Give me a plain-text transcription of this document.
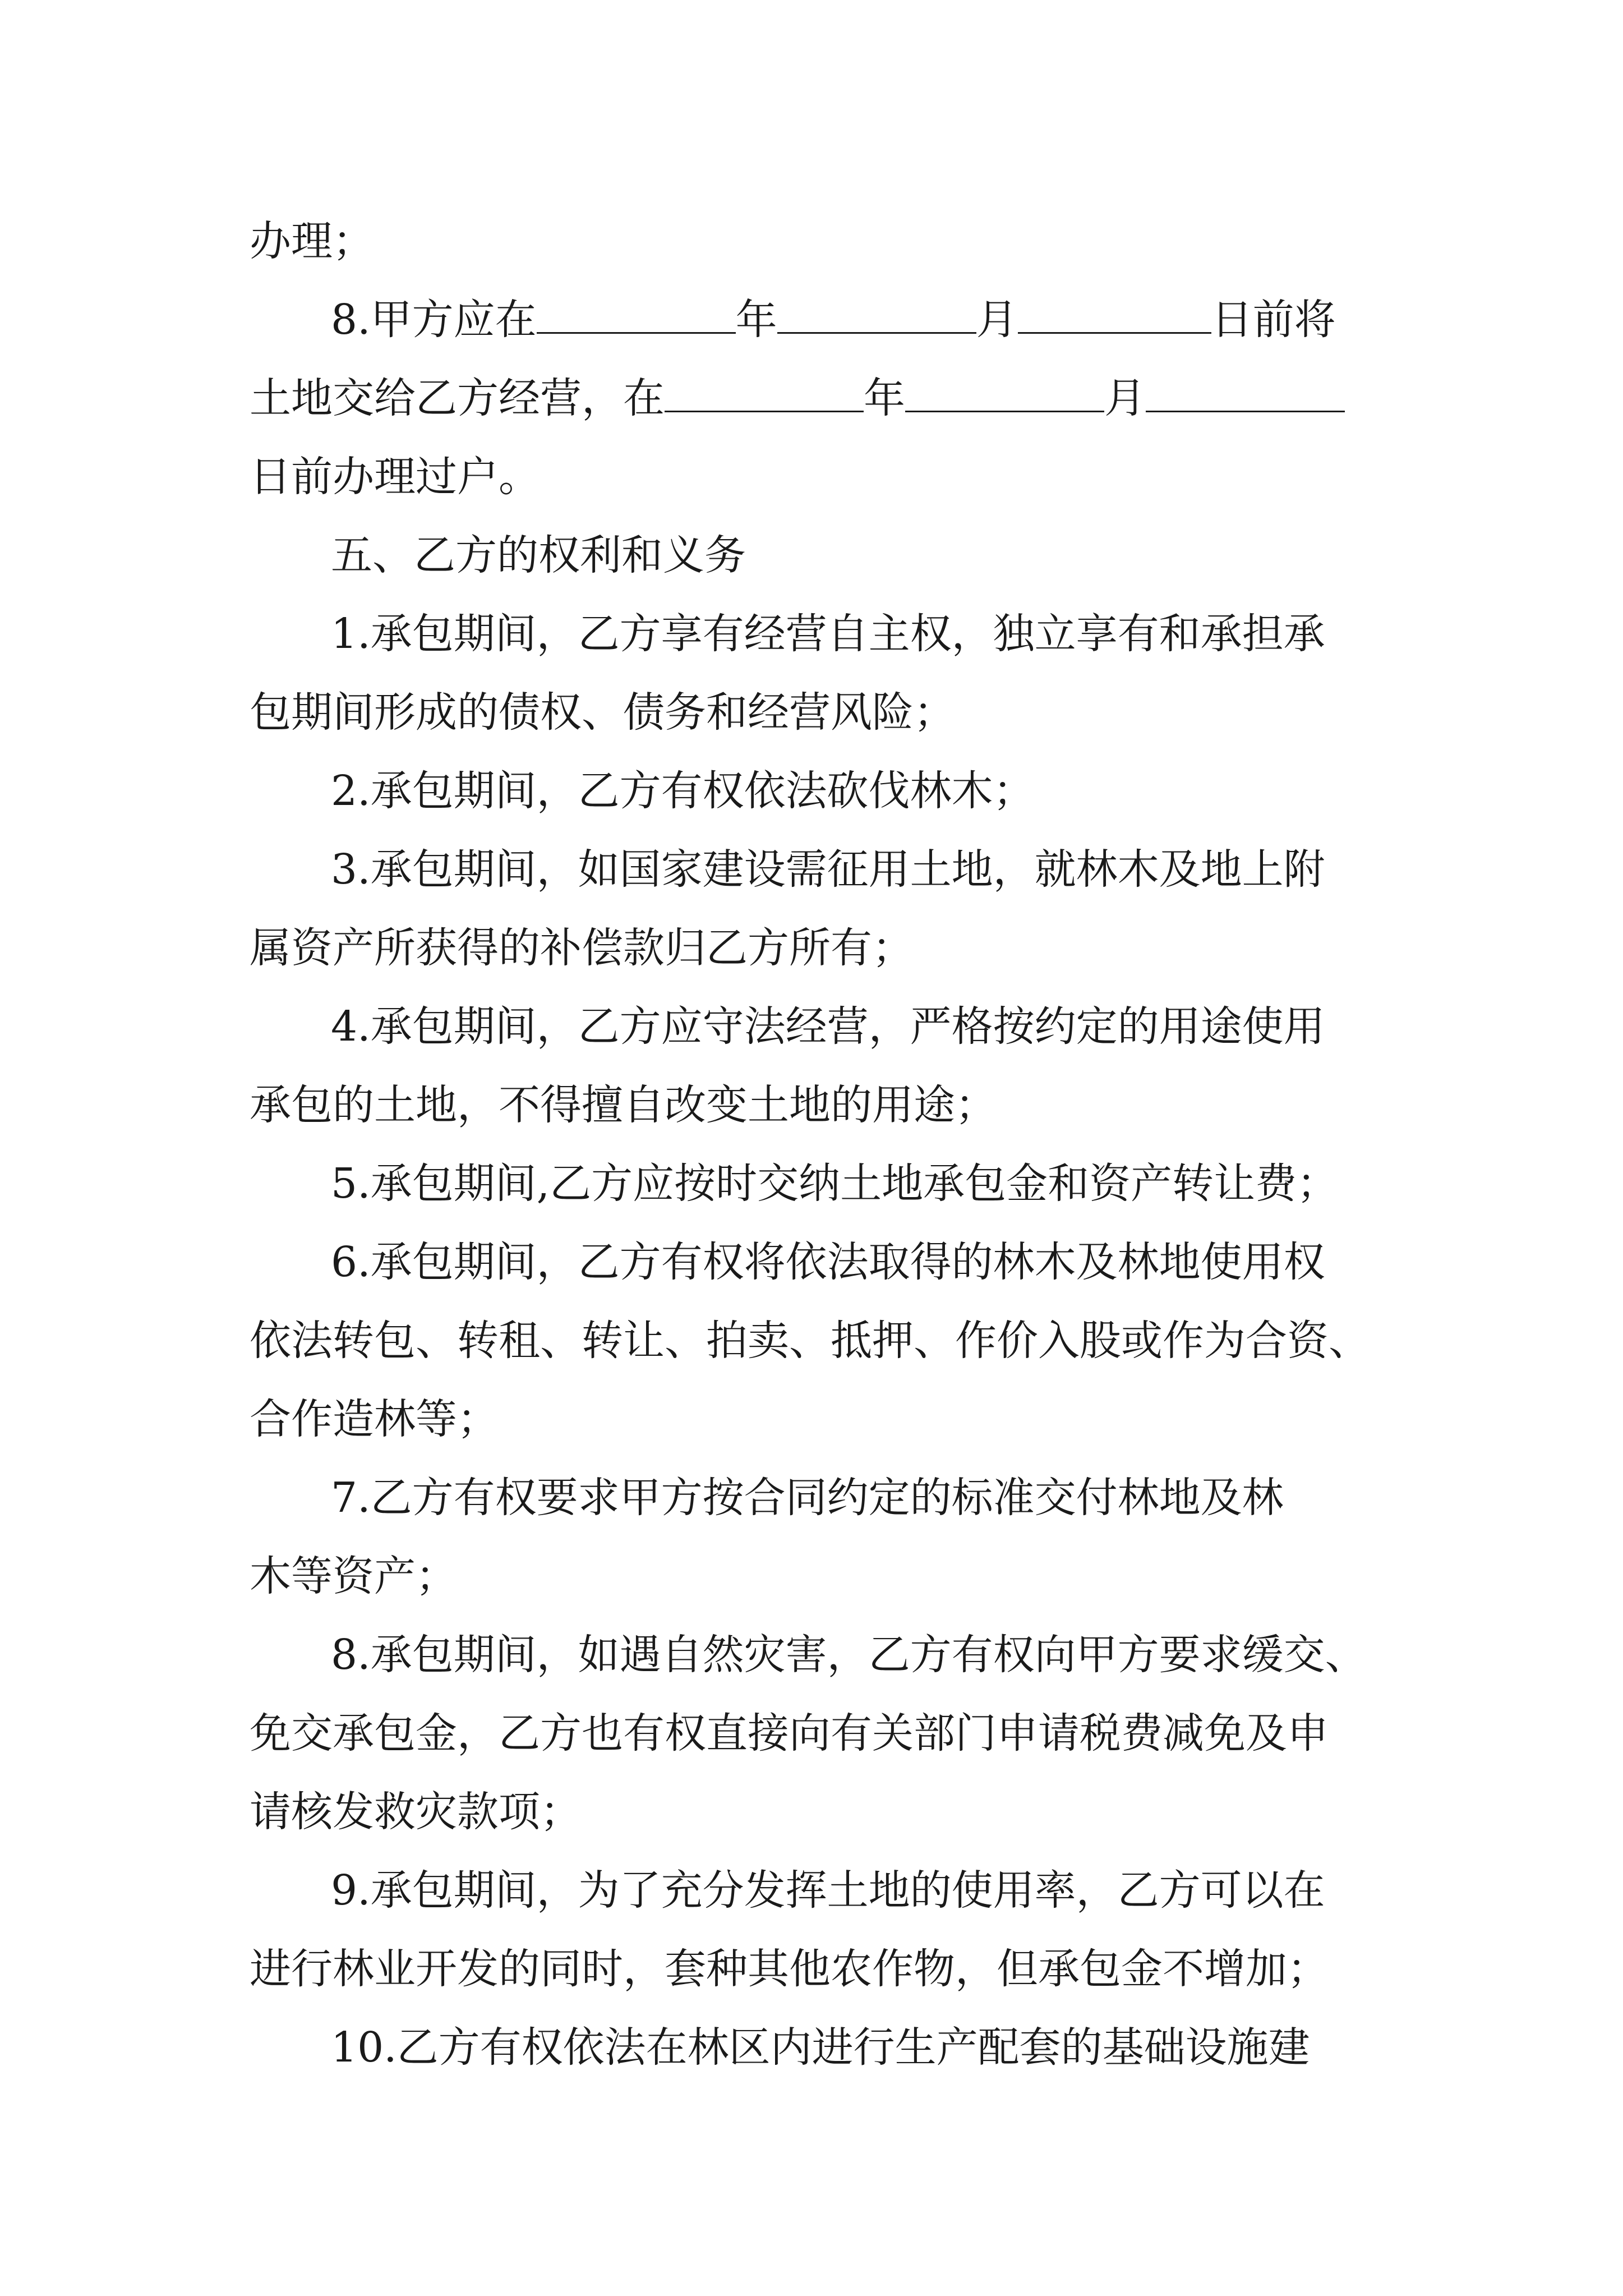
办理；
8.甲方应在	年	月	日前将
土地交给乙方经营，在	年	月
日前办理过户。
五、乙方的权利和义务
1.承包期间，乙方享有经营自主权，独立享有和承担承
包期间形成的债权、债务和经营风险；
2.承包期间，乙方有权依法砍伐林木；
3.承包期间，如国家建设需征用土地，就林木及地上附
属资产所获得的补偿款归乙方所有；
4.承包期间，乙方应守法经营，严格按约定的用途使用
承包的土地，不得擅自改变土地的用途；
5.承包期间,乙方应按时交纳土地承包金和资产转让费；
6.承包期间，乙方有权将依法取得的林木及林地使用权
依法转包、转租、转让、拍卖、抵押、作价入股或作为合资、
合作造林等；
7.乙方有权要求甲方按合同约定的标准交付林地及林
木等资产；
8.承包期间，如遇自然灾害，乙方有权向甲方要求缓交、
免交承包金，乙方也有权直接向有关部门申请税费减免及申
请核发救灾款项；
9.承包期间，为了充分发挥土地的使用率，乙方可以在
进行林业开发的同时，套种其他农作物，但承包金不增加；
10.乙方有权依法在林区内进行生产配套的基础设施建
